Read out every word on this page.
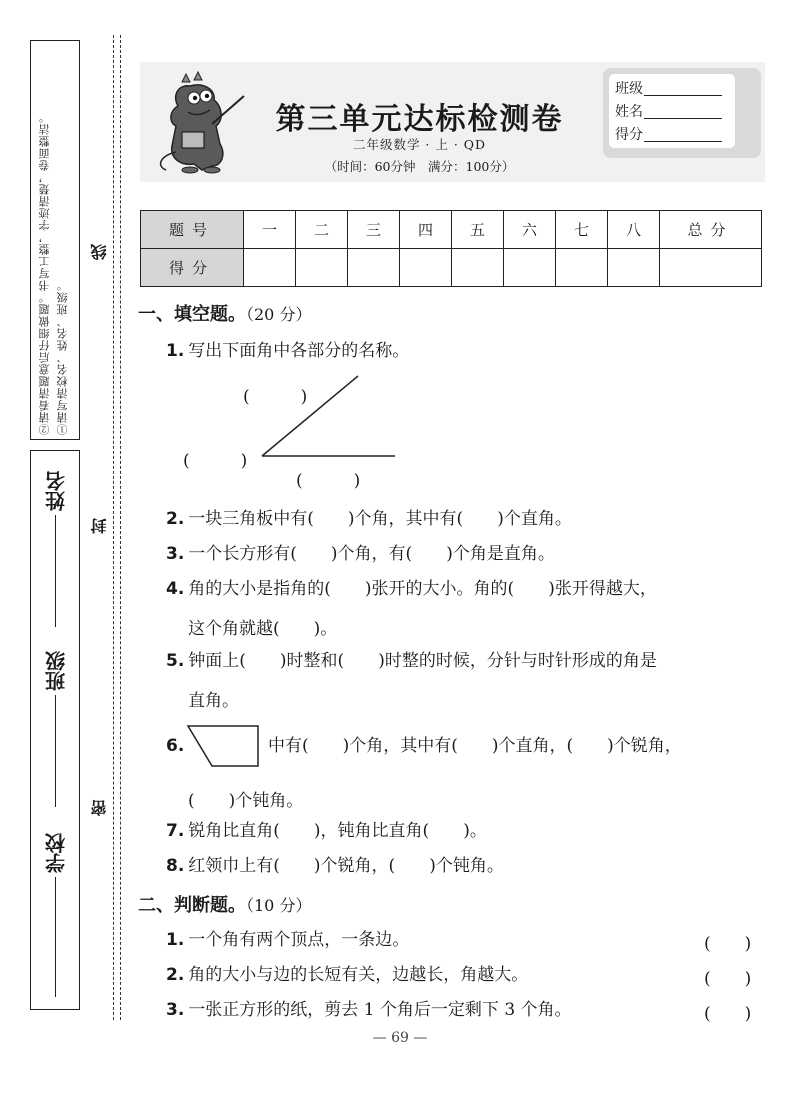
①请写清校名、姓名、班级。
②请看清题意后仔细做题。书写工整，字迹清楚，卷面整洁。
姓名
班级
学校
线
封
密
第三单元达标检测卷
二年级数学 · 上 · QD
（时间：60分钟　满分：100分）
班级
姓名
得分
题号	一	二	三	四	五	六	七	八	总分
得分									
一、填空题。（20 分）
1. 写出下面角中各部分的名称。
(　　　)
(　　　)
(　　　)
2. 一块三角板中有(　　)个角，其中有(　　)个直角。
3. 一个长方形有(　　)个角，有(　　)个角是直角。
4. 角的大小是指角的(　　)张开的大小。角的(　　)张开得越大，
这个角就越(　　)。
5. 钟面上(　　)时整和(　　)时整的时候，分针与时针形成的角是
直角。
6.	中有(　　)个角，其中有(　　)个直角，(　　)个锐角，
(　　)个钝角。
7. 锐角比直角(　　)，钝角比直角(　　)。
8. 红领巾上有(　　)个锐角，(　　)个钝角。
二、判断题。（10 分）
1. 一个角有两个顶点，一条边。	(　　)
2. 角的大小与边的长短有关，边越长，角越大。	(　　)
3. 一张正方形的纸，剪去 1 个角后一定剩下 3 个角。	(　　)
— 69 —
